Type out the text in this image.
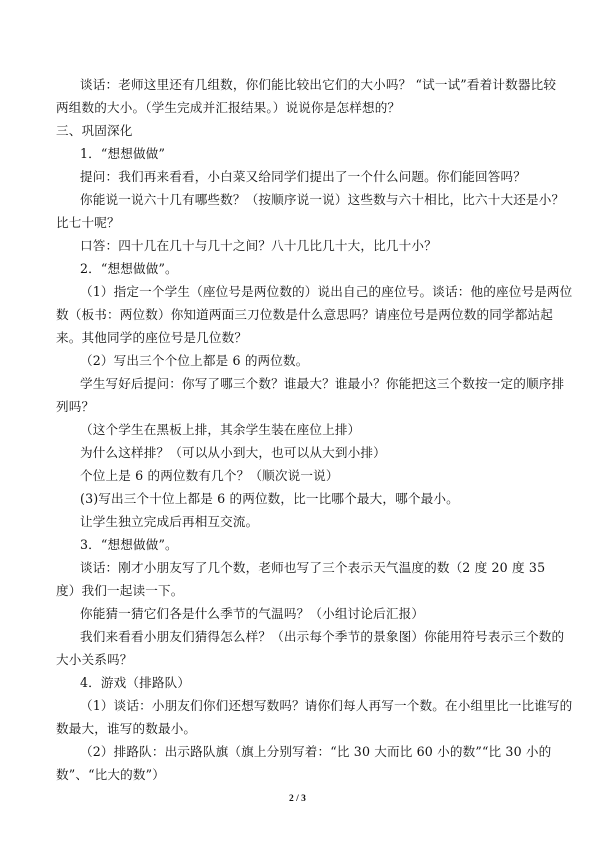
谈话：老师这里还有几组数，你们能比较出它们的大小吗？ “试一试”看着计数器比较
两组数的大小。（学生完成并汇报结果。）说说你是怎样想的？
三、巩固深化
1．“想想做做”
提问：我们再来看看，小白菜又给同学们提出了一个什么问题。你们能回答吗？
你能说一说六十几有哪些数？（按顺序说一说）这些数与六十相比，比六十大还是小？
比七十呢？
口答：四十几在几十与几十之间？八十几比几十大，比几十小？
2．“想想做做”。
（1）指定一个学生（座位号是两位数的）说出自己的座位号。谈话：他的座位号是两位
数（板书：两位数）你知道两面三刀位数是什么意思吗？请座位号是两位数的同学都站起
来。其他同学的座位号是几位数？
（2）写出三个个位上都是 6 的两位数。
学生写好后提问：你写了哪三个数？谁最大？谁最小？你能把这三个数按一定的顺序排
列吗？
（这个学生在黑板上排，其余学生装在座位上排）
为什么这样排？（可以从小到大，也可以从大到小排）
个位上是 6 的两位数有几个？（顺次说一说）
(3)写出三个十位上都是 6 的两位数，比一比哪个最大，哪个最小。
让学生独立完成后再相互交流。
3．“想想做做”。
谈话：刚才小朋友写了几个数，老师也写了三个表示天气温度的数（2 度 20 度 35
度）我们一起读一下。
你能猜一猜它们各是什么季节的气温吗？（小组讨论后汇报）
我们来看看小朋友们猜得怎么样？（出示每个季节的景象图）你能用符号表示三个数的
大小关系吗？
4．游戏（排路队）
（1）谈话：小朋友们你们还想写数吗？请你们每人再写一个数。在小组里比一比谁写的
数最大，谁写的数最小。
（2）排路队：出示路队旗（旗上分别写着：“比 30 大而比 60 小的数”“比 30 小的
数”、“比大的数”）
2 / 3
